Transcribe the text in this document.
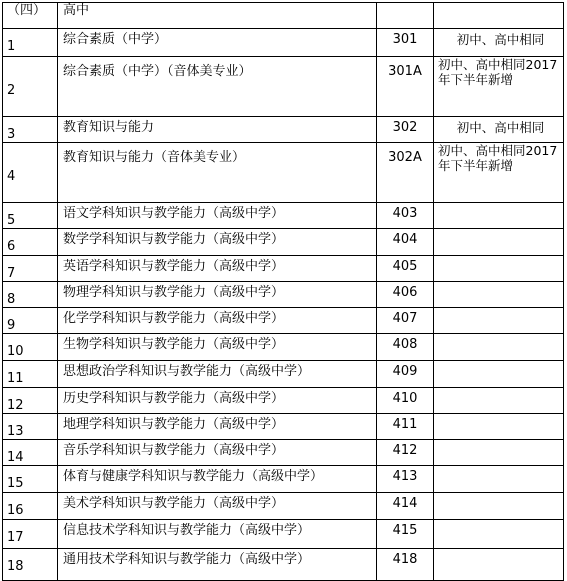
（四）	高中		

1	综合素质（中学）	301	初中、高中相同

2	综合素质（中学）（音体美专业）	301A	初中、高中相同2017年下半年新增

3	教育知识与能力	302	初中、高中相同

4	教育知识与能力（音体美专业）	302A	初中、高中相同2017年下半年新增

5	语文学科知识与教学能力（高级中学）	403	

6	数学学科知识与教学能力（高级中学）	404	

7	英语学科知识与教学能力（高级中学）	405	

8	物理学科知识与教学能力（高级中学）	406	

9	化学学科知识与教学能力（高级中学）	407	

10	生物学科知识与教学能力（高级中学）	408	

11	思想政治学科知识与教学能力（高级中学）	409	

12	历史学科知识与教学能力（高级中学）	410	

13	地理学科知识与教学能力（高级中学）	411	

14	音乐学科知识与教学能力（高级中学）	412	

15	体育与健康学科知识与教学能力（高级中学）	413	

16	美术学科知识与教学能力（高级中学）	414	

17	信息技术学科知识与教学能力（高级中学）	415	

18	通用技术学科知识与教学能力（高级中学）	418	
